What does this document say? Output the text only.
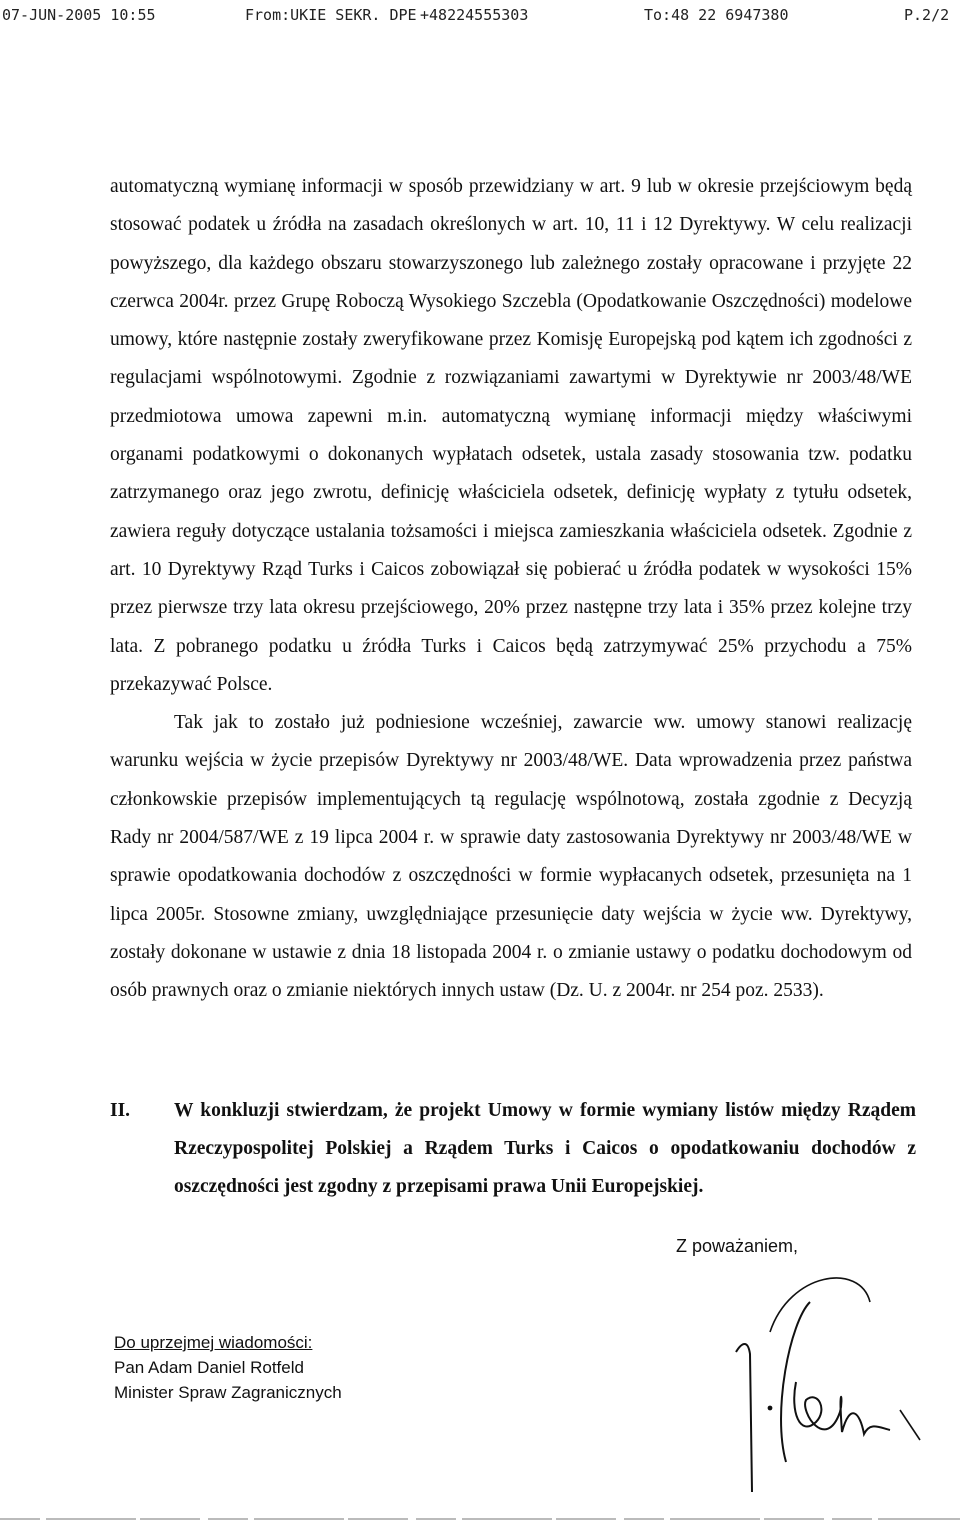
07-JUN-2005 10:55	From:UKIE SEKR. DPE +48224555303	To:48 22 6947380	P.2/2

automatyczną wymianę informacji w sposób przewidziany w art. 9 lub w okresie przejściowym będą stosować podatek u źródła na zasadach określonych w art. 10, 11 i 12 Dyrektywy. W celu realizacji powyższego, dla każdego obszaru stowarzyszonego lub zależnego zostały opracowane i przyjęte 22 czerwca 2004r. przez Grupę Roboczą Wysokiego Szczebla (Opodatkowanie Oszczędności) modelowe umowy, które następnie zostały zweryfikowane przez Komisję Europejską pod kątem ich zgodności z regulacjami wspólnotowymi. Zgodnie z rozwiązaniami zawartymi w Dyrektywie nr 2003/48/WE przedmiotowa umowa zapewni m.in. automatyczną wymianę informacji między właściwymi organami podatkowymi o dokonanych wypłatach odsetek, ustala zasady stosowania tzw. podatku zatrzymanego oraz jego zwrotu, definicję właściciela odsetek, definicję wypłaty z tytułu odsetek, zawiera reguły dotyczące ustalania tożsamości i miejsca zamieszkania właściciela odsetek. Zgodnie z art. 10 Dyrektywy Rząd Turks i Caicos zobowiązał się pobierać u źródła podatek w wysokości 15% przez pierwsze trzy lata okresu przejściowego, 20% przez następne trzy lata i 35% przez kolejne trzy lata. Z pobranego podatku u źródła Turks i Caicos będą zatrzymywać 25% przychodu a 75% przekazywać Polsce.

Tak jak to zostało już podniesione wcześniej, zawarcie ww. umowy stanowi realizację warunku wejścia w życie przepisów Dyrektywy nr 2003/48/WE. Data wprowadzenia przez państwa członkowskie przepisów implementujących tą regulację wspólnotową, została zgodnie z Decyzją Rady nr 2004/587/WE z 19 lipca 2004 r. w sprawie daty zastosowania Dyrektywy nr 2003/48/WE w sprawie opodatkowania dochodów z oszczędności w formie wypłacanych odsetek, przesunięta na 1 lipca 2005r. Stosowne zmiany, uwzględniające przesunięcie daty wejścia w życie ww. Dyrektywy, zostały dokonane w ustawie z dnia 18 listopada 2004 r. o zmianie ustawy o podatku dochodowym od osób prawnych oraz o zmianie niektórych innych ustaw (Dz. U. z 2004r. nr 254 poz. 2533).

II.	W konkluzji stwierdzam, że projekt Umowy w formie wymiany listów między Rządem Rzeczypospolitej Polskiej a Rządem Turks i Caicos o opodatkowaniu dochodów z oszczędności jest zgodny z przepisami prawa Unii Europejskiej.
Z poważaniem,
Do uprzejmej wiadomości:
Pan Adam Daniel Rotfeld
Minister Spraw Zagranicznych
